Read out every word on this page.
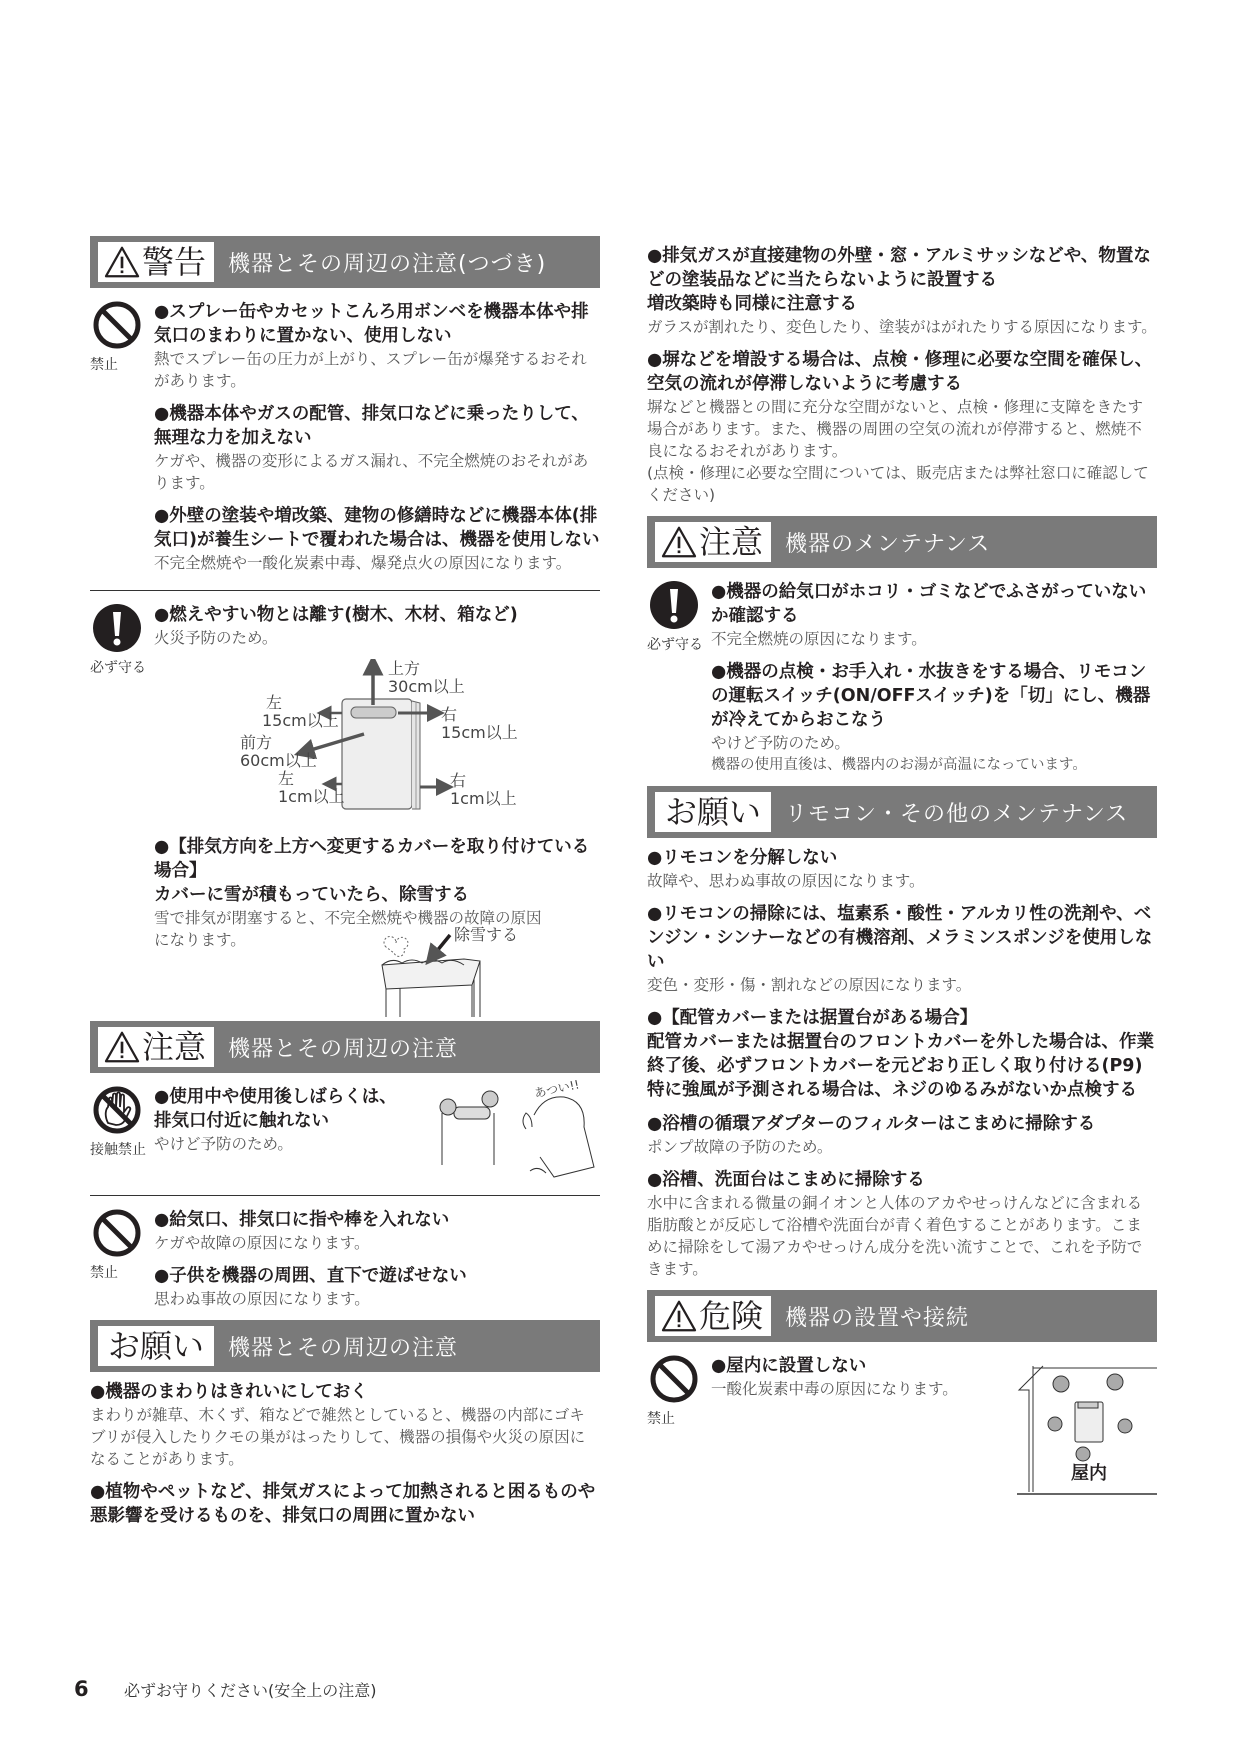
警告 機器とその周辺の注意(つづき)
禁止
●スプレー缶やカセットこんろ用ボンベを機器本体や排気口のまわりに置かない、使用しない
熱でスプレー缶の圧力が上がり、スプレー缶が爆発するおそれがあります。
●機器本体やガスの配管、排気口などに乗ったりして、無理な力を加えない
ケガや、機器の変形によるガス漏れ、不完全燃焼のおそれがあります。
●外壁の塗装や増改築、建物の修繕時などに機器本体(排気口)が養生シートで覆われた場合は、機器を使用しない
不完全燃焼や一酸化炭素中毒、爆発点火の原因になります。
必ず守る
●燃えやすい物とは離す(樹木、木材、箱など)
火災予防のため。
上方
30cm以上
左
15cm以上	右
15cm以上
前方
60cm以上
左
1cm以上
右
1cm以上
●【排気方向を上方へ変更するカバーを取り付けている場合】
カバーに雪が積もっていたら、除雪する
雪で排気が閉塞すると、不完全燃焼や機器の故障の原因になります。	除雪する
注意 機器とその周辺の注意
接触禁止
●使用中や使用後しばらくは、排気口付近に触れない
やけど予防のため。
あつい!!
禁止
●給気口、排気口に指や棒を入れない
ケガや故障の原因になります。
●子供を機器の周囲、直下で遊ばせない
思わぬ事故の原因になります。
お願い 機器とその周辺の注意
●機器のまわりはきれいにしておく
まわりが雑草、木くず、箱などで雑然としていると、機器の内部にゴキブリが侵入したりクモの巣がはったりして、機器の損傷や火災の原因になることがあります。
●植物やペットなど、排気ガスによって加熱されると困るものや悪影響を受けるものを、排気口の周囲に置かない
●排気ガスが直接建物の外壁・窓・アルミサッシなどや、物置などの塗装品などに当たらないように設置する
増改築時も同様に注意する
ガラスが割れたり、変色したり、塗装がはがれたりする原因になります。
●塀などを増設する場合は、点検・修理に必要な空間を確保し、空気の流れが停滞しないように考慮する
塀などと機器との間に充分な空間がないと、点検・修理に支障をきたす場合があります。また、機器の周囲の空気の流れが停滞すると、燃焼不良になるおそれがあります。
(点検・修理に必要な空間については、販売店または弊社窓口に確認してください)
注意 機器のメンテナンス
必ず守る
●機器の給気口がホコリ・ゴミなどでふさがっていないか確認する
不完全燃焼の原因になります。
●機器の点検・お手入れ・水抜きをする場合、リモコンの運転スイッチ(ON/OFFスイッチ)を「切」にし、機器が冷えてからおこなう
やけど予防のため。
機器の使用直後は、機器内のお湯が高温になっています。
お願い リモコン・その他のメンテナンス
●リモコンを分解しない
故障や、思わぬ事故の原因になります。
●リモコンの掃除には、塩素系・酸性・アルカリ性の洗剤や、ベンジン・シンナーなどの有機溶剤、メラミンスポンジを使用しない
変色・変形・傷・割れなどの原因になります。
●【配管カバーまたは据置台がある場合】
配管カバーまたは据置台のフロントカバーを外した場合は、作業終了後、必ずフロントカバーを元どおり正しく取り付ける(P9)
特に強風が予測される場合は、ネジのゆるみがないか点検する
●浴槽の循環アダプターのフィルターはこまめに掃除する
ポンプ故障の予防のため。
●浴槽、洗面台はこまめに掃除する
水中に含まれる微量の銅イオンと人体のアカやせっけんなどに含まれる脂肪酸とが反応して浴槽や洗面台が青く着色することがあります。こまめに掃除をして湯アカやせっけん成分を洗い流すことで、これを予防できます。
危険 機器の設置や接続
禁止
●屋内に設置しない
一酸化炭素中毒の原因になります。
屋内
6	必ずお守りください(安全上の注意)
